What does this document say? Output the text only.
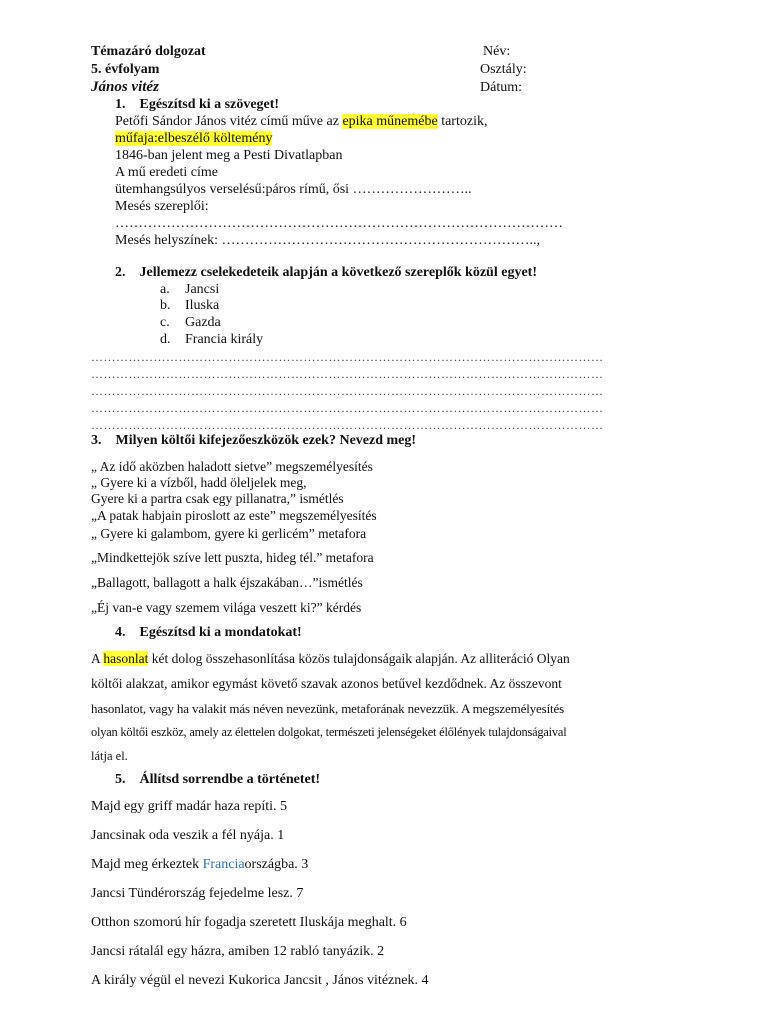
Témazáró dolgozat	Név:
5. évfolyam	Osztály:
János vitéz	Dátum:
1. Egészítsd ki a szöveget!
Petőfi Sándor János vitéz című műve az epika műnemébe tartozik,
műfaja:elbeszélő költemény
1846-ban jelent meg a Pesti Divatlapban
A mű eredeti címe
ütemhangsúlyos verselésű:páros rímű, ősi ……………………..
Mesés szereplői:
……………………………………………………………………………………
Mesés helyszínek: …………………………………………………………..,
2. Jellemezz cselekedeteik alapján a következő szereplők közül egyet!
a. Jancsi
b. Iluska
c. Gazda
d. Francia király
……………………………………………………………………………………………………………
……………………………………………………………………………………………………………
……………………………………………………………………………………………………………
……………………………………………………………………………………………………………
……………………………………………………………………………………………………………
3. Milyen költői kifejezőeszközök ezek? Nevezd meg!
„ Az idő aközben haladott sietve” megszemélyesítés
„ Gyere ki a vízből, hadd öleljelek meg,
Gyere ki a partra csak egy pillanatra,” ismétlés
„A patak habjain piroslott az este” megszemélyesítés
„ Gyere ki galambom, gyere ki gerlicém” metafora
„Mindkettejök szíve lett puszta, hideg tél.” metafora
„Ballagott, ballagott a halk éjszakában…”ismétlés
„Éj van-e vagy szemem világa veszett ki?” kérdés
4. Egészítsd ki a mondatokat!
A hasonlat két dolog összehasonlítása közös tulajdonságaik alapján. Az alliteráció Olyan
költői alakzat, amikor egymást követő szavak azonos betűvel kezdődnek. Az összevont
hasonlatot, vagy ha valakit más néven nevezünk, metaforának nevezzük. A megszemélyesítés
olyan költői eszköz, amely az élettelen dolgokat, természeti jelenségeket élőlények tulajdonságaival
látja el.
5. Állítsd sorrendbe a történetet!
Majd egy griff madár haza repíti. 5
Jancsinak oda veszik a fél nyája. 1
Majd meg érkeztek Franciaországba. 3
Jancsi Tündérország fejedelme lesz. 7
Otthon szomorú hír fogadja szeretett Iluskája meghalt. 6
Jancsi rátalál egy házra, amiben 12 rabló tanyázik. 2
A király végül el nevezi Kukorica Jancsit , János vitéznek. 4
